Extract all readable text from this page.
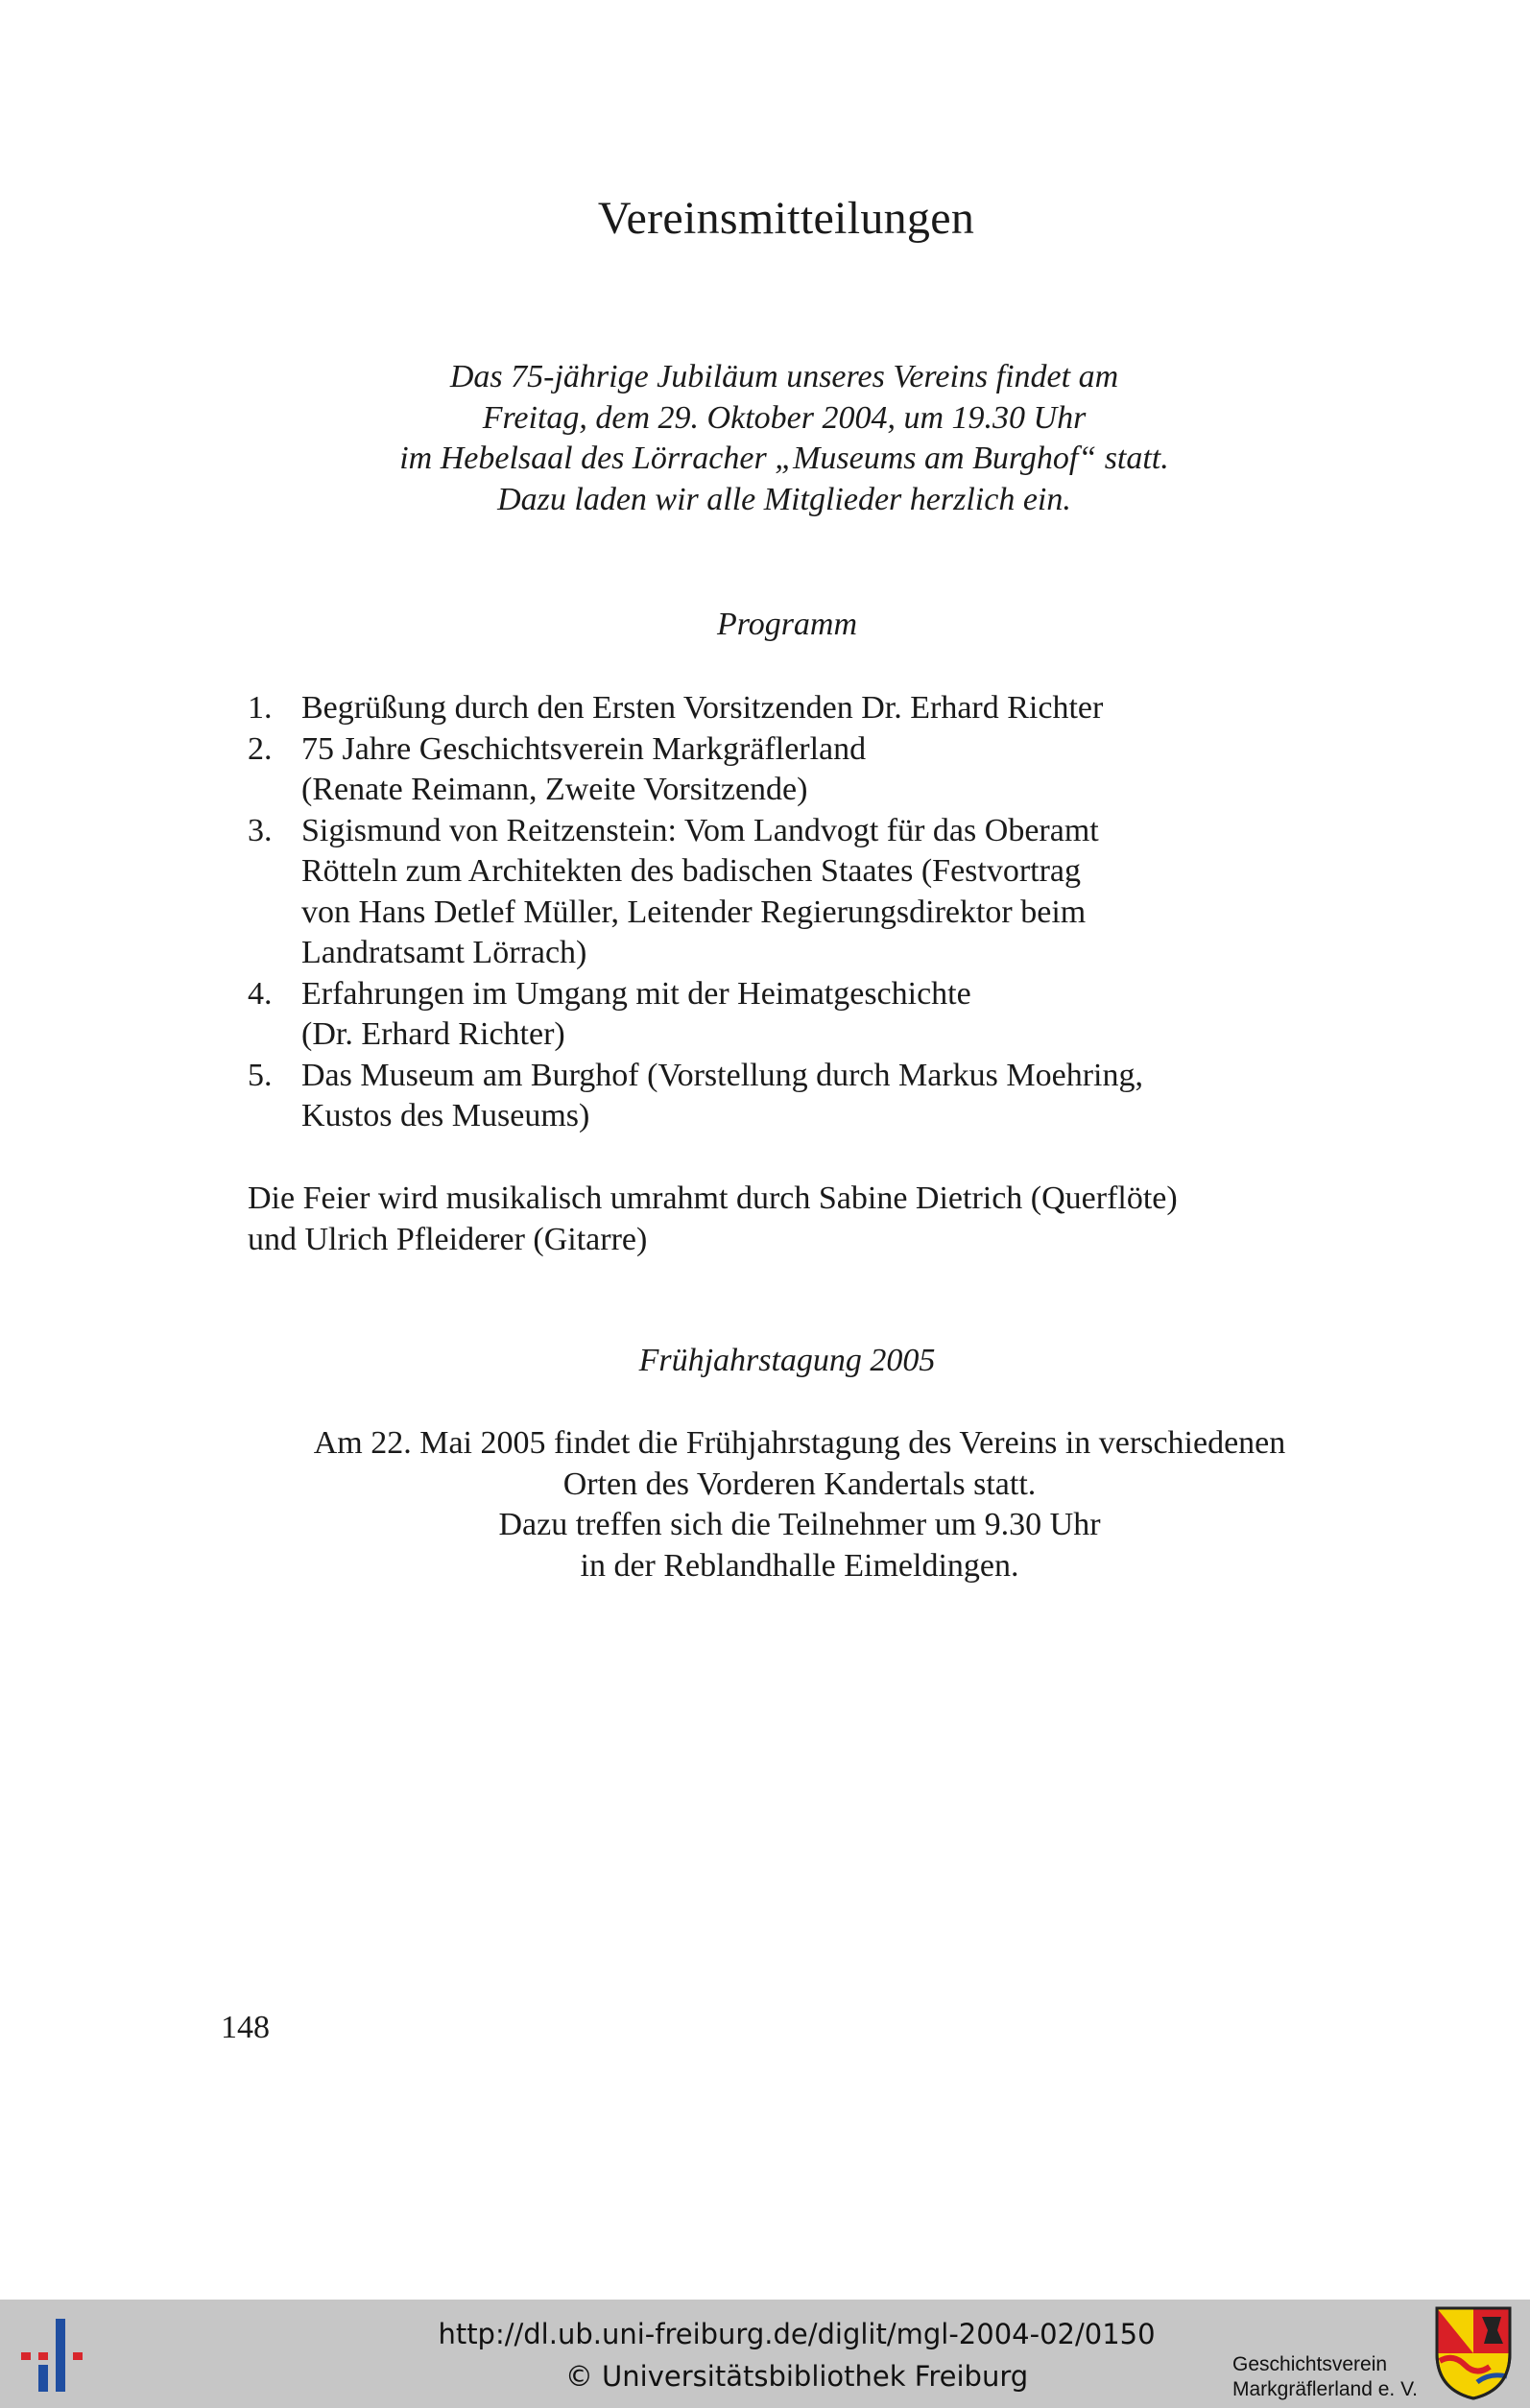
Vereinsmitteilungen
Das 75-jährige Jubiläum unseres Vereins findet am
Freitag, dem 29. Oktober 2004, um 19.30 Uhr
im Hebelsaal des Lörracher „Museums am Burghof“ statt.
Dazu laden wir alle Mitglieder herzlich ein.
Programm
1. Begrüßung durch den Ersten Vorsitzenden Dr. Erhard Richter
2. 75 Jahre Geschichtsverein Markgräflerland
(Renate Reimann, Zweite Vorsitzende)
3. Sigismund von Reitzenstein: Vom Landvogt für das Oberamt
Rötteln zum Architekten des badischen Staates (Festvortrag
von Hans Detlef Müller, Leitender Regierungsdirektor beim
Landratsamt Lörrach)
4. Erfahrungen im Umgang mit der Heimatgeschichte
(Dr. Erhard Richter)
5. Das Museum am Burghof (Vorstellung durch Markus Moehring,
Kustos des Museums)
Die Feier wird musikalisch umrahmt durch Sabine Dietrich (Querflöte)
und Ulrich Pfleiderer (Gitarre)
Frühjahrstagung 2005
Am 22. Mai 2005 findet die Frühjahrstagung des Vereins in verschiedenen
Orten des Vorderen Kandertals statt.
Dazu treffen sich die Teilnehmer um 9.30 Uhr
in der Reblandhalle Eimeldingen.
148
http://dl.ub.uni-freiburg.de/diglit/mgl-2004-02/0150
© Universitätsbibliothek Freiburg	Geschichtsverein
Markgräflerland e. V.
